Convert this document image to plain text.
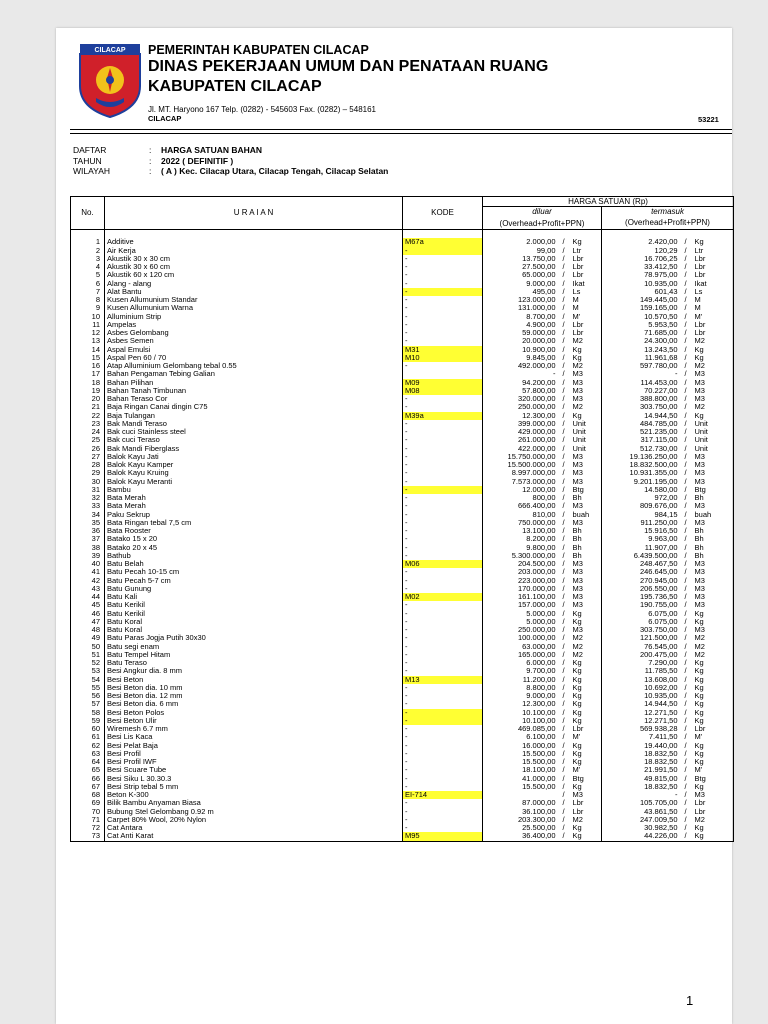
CILACAP PEMERINTAH KABUPATEN CILACAP
DINAS PEKERJAAN UMUM DAN PENATAAN RUANG
KABUPATEN CILACAP
Jl. MT. Haryono 167 Telp. (0282) - 545603 Fax. (0282) – 548161
CILACAP	53221
DAFTAR	: HARGA SATUAN BAHAN
TAHUN	: 2022 ( DEFINITIF )
WILAYAH	: ( A ) Kec. Cilacap Utara, Cilacap Tengah, Cilacap Selatan
No.	U R A I A N	KODE	HARGA SATUAN (Rp)					
			diluar			termasuk		
			(Overhead+Profit+PPN)			(Overhead+Profit+PPN)		

1	Additive	M67a	2.000,00	/	Kg	2.420,00	/	Kg
2	Air Kerja	-	99,00	/	Ltr	120,29	/	Ltr
3	Akustik 30 x 30 cm	-	13.750,00	/	Lbr	16.706,25	/	Lbr
4	Akustik 30 x 60 cm	-	27.500,00	/	Lbr	33.412,50	/	Lbr
5	Akustik 60 x 120 cm	-	65.000,00	/	Lbr	78.975,00	/	Lbr
6	Alang - alang	-	9.000,00	/	Ikat	10.935,00	/	Ikat
7	Alat Bantu	-	495,00	/	Ls	601,43	/	Ls
8	Kusen Allumunium Standar	-	123.000,00	/	M	149.445,00	/	M
9	Kusen Allumunium Warna	-	131.000,00	/	M	159.165,00	/	M
10	Alluminium Strip	-	8.700,00	/	M'	10.570,50	/	M'
11	Ampelas	-	4.900,00	/	Lbr	5.953,50	/	Lbr
12	Asbes Gelombang	-	59.000,00	/	Lbr	71.685,00	/	Lbr
13	Asbes Semen	-	20.000,00	/	M2	24.300,00	/	M2
14	Aspal Emulsi	M31	10.900,00	/	Kg	13.243,50	/	Kg
15	Aspal Pen 60 / 70	M10	9.845,00	/	Kg	11.961,68	/	Kg
16	Atap Alluminium Gelombang tebal 0.55	-	492.000,00	/	M2	597.780,00	/	M2
17	Bahan Pengaman Tebing Galian		-	/	M3	-	/	M3
18	Bahan Pilihan	M09	94.200,00	/	M3	114.453,00	/	M3
19	Bahan Tanah Timbunan	M08	57.800,00	/	M3	70.227,00	/	M3
20	Bahan Teraso Cor	-	320.000,00	/	M3	388.800,00	/	M3
21	Baja Ringan Canai dingin C75	-	250.000,00	/	M2	303.750,00	/	M2
22	Baja Tulangan	M39a	12.300,00	/	Kg	14.944,50	/	Kg
23	Bak Mandi Teraso	-	399.000,00	/	Unit	484.785,00	/	Unit
24	Bak cuci Stainless steel	-	429.000,00	/	Unit	521.235,00	/	Unit
25	Bak cuci Teraso	-	261.000,00	/	Unit	317.115,00	/	Unit
26	Bak Mandi Fiberglass	-	422.000,00	/	Unit	512.730,00	/	Unit
27	Balok Kayu Jati	-	15.750.000,00	/	M3	19.136.250,00	/	M3
28	Balok Kayu Kamper	-	15.500.000,00	/	M3	18.832.500,00	/	M3
29	Balok Kayu Kruing	-	8.997.000,00	/	M3	10.931.355,00	/	M3
30	Balok Kayu Meranti	-	7.573.000,00	/	M3	9.201.195,00	/	M3
31	Bambu	-	12.000,00	/	Btg	14.580,00	/	Btg
32	Bata Merah	-	800,00	/	Bh	972,00	/	Bh
33	Bata Merah	-	666.400,00	/	M3	809.676,00	/	M3
34	Paku Sekrup	-	810,00	/	buah	984,15	/	buah
35	Bata Ringan tebal 7,5 cm	-	750.000,00	/	M3	911.250,00	/	M3
36	Bata Rooster	-	13.100,00	/	Bh	15.916,50	/	Bh
37	Batako 15 x 20	-	8.200,00	/	Bh	9.963,00	/	Bh
38	Batako 20 x 45	-	9.800,00	/	Bh	11.907,00	/	Bh
39	Bathub	-	5.300.000,00	/	Bh	6.439.500,00	/	Bh
40	Batu Belah	M06	204.500,00	/	M3	248.467,50	/	M3
41	Batu Pecah 10-15 cm	-	203.000,00	/	M3	246.645,00	/	M3
42	Batu Pecah 5-7 cm	-	223.000,00	/	M3	270.945,00	/	M3
43	Batu Gunung	-	170.000,00	/	M3	206.550,00	/	M3
44	Batu Kali	M02	161.100,00	/	M3	195.736,50	/	M3
45	Batu Kerikil	-	157.000,00	/	M3	190.755,00	/	M3
46	Batu Kerikil	-	5.000,00	/	Kg	6.075,00	/	Kg
47	Batu Koral	-	5.000,00	/	Kg	6.075,00	/	Kg
48	Batu Koral	-	250.000,00	/	M3	303.750,00	/	M3
49	Batu Paras Jogja Putih 30x30	-	100.000,00	/	M2	121.500,00	/	M2
50	Batu segi enam	-	63.000,00	/	M2	76.545,00	/	M2
51	Batu Tempel Hitam	-	165.000,00	/	M2	200.475,00	/	M2
52	Batu Teraso	-	6.000,00	/	Kg	7.290,00	/	Kg
53	Besi Angkur dia. 8 mm	-	9.700,00	/	Kg	11.785,50	/	Kg
54	Besi Beton	M13	11.200,00	/	Kg	13.608,00	/	Kg
55	Besi Beton dia. 10 mm	-	8.800,00	/	Kg	10.692,00	/	Kg
56	Besi Beton dia. 12 mm	-	9.000,00	/	Kg	10.935,00	/	Kg
57	Besi Beton dia. 6 mm	-	12.300,00	/	Kg	14.944,50	/	Kg
58	Besi Beton Polos	-	10.100,00	/	Kg	12.271,50	/	Kg
59	Besi Beton Ulir	-	10.100,00	/	Kg	12.271,50	/	Kg
60	Wiremesh 6.7 mm	-	469.085,00	/	Lbr	569.938,28	/	Lbr
61	Besi Lis Kaca	-	6.100,00	/	M'	7.411,50	/	M'
62	Besi Pelat Baja	-	16.000,00	/	Kg	19.440,00	/	Kg
63	Besi Profil	-	15.500,00	/	Kg	18.832,50	/	Kg
64	Besi Profil IWF	-	15.500,00	/	Kg	18.832,50	/	Kg
65	Besi Scuare Tube	-	18.100,00	/	M'	21.991,50	/	M'
66	Besi Siku L 30.30.3	-	41.000,00	/	Btg	49.815,00	/	Btg
67	Besi Strip tebal 5 mm	-	15.500,00	/	Kg	18.832,50	/	Kg
68	Beton K-300	EI-714		/	M3	-	/	M3
69	Bilik Bambu Anyaman Biasa	-	87.000,00	/	Lbr	105.705,00	/	Lbr
70	Bubung Stel Gelombang 0.92 m	-	36.100,00	/	Lbr	43.861,50	/	Lbr
71	Carpet 80% Wool, 20% Nylon	-	203.300,00	/	M2	247.009,50	/	M2
72	Cat Antara	-	25.500,00	/	Kg	30.982,50	/	Kg
73	Cat Anti Karat	M95	36.400,00	/	Kg	44.226,00	/	Kg
1
